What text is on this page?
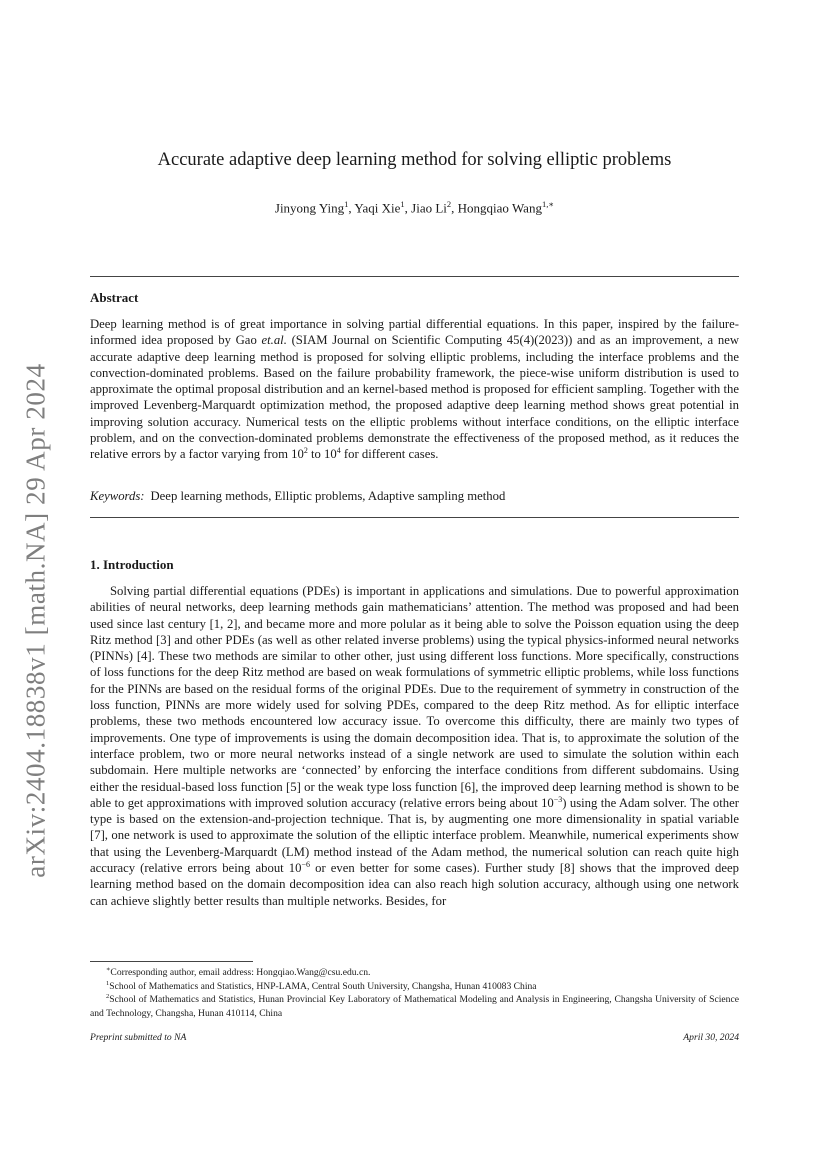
arXiv:2404.18838v1 [math.NA] 29 Apr 2024
Accurate adaptive deep learning method for solving elliptic problems
Jinyong Ying$^1$, Yaqi Xie$^1$, Jiao Li$^2$, Hongqiao Wang$^{1,∗}$
Abstract
Deep learning method is of great importance in solving partial differential equations. In this paper, inspired by the failure-informed idea proposed by Gao et.al. (SIAM Journal on Scientific Computing 45(4)(2023)) and as an improvement, a new accurate adaptive deep learning method is proposed for solving elliptic problems, including the interface problems and the convection-dominated problems. Based on the failure probability framework, the piece-wise uniform distribution is used to approximate the optimal proposal distribution and an kernel-based method is proposed for efficient sampling. Together with the improved Levenberg-Marquardt optimization method, the proposed adaptive deep learning method shows great potential in improving solution accuracy. Numerical tests on the elliptic problems without interface conditions, on the elliptic interface problem, and on the convection-dominated problems demonstrate the effectiveness of the proposed method, as it reduces the relative errors by a factor varying from $10^2$ to $10^4$ for different cases.
Keywords: Deep learning methods, Elliptic problems, Adaptive sampling method
1. Introduction
Solving partial differential equations (PDEs) is important in applications and simulations. Due to powerful approximation abilities of neural networks, deep learning methods gain mathematicians’ attention. The method was proposed and had been used since last century [1, 2], and became more and more polular as it being able to solve the Poisson equation using the deep Ritz method [3] and other PDEs (as well as other related inverse problems) using the typical physics-informed neural networks (PINNs) [4]. These two methods are similar to other other, just using different loss functions. More specifically, constructions of loss functions for the deep Ritz method are based on weak formulations of symmetric elliptic problems, while loss functions for the PINNs are based on the residual forms of the original PDEs. Due to the requirement of symmetry in construction of the loss function, PINNs are more widely used for solving PDEs, compared to the deep Ritz method. As for elliptic interface problems, these two methods encountered low accuracy issue. To overcome this difficulty, there are mainly two types of improvements. One type of improvements is using the domain decomposition idea. That is, to approximate the solution of the interface problem, two or more neural networks instead of a single network are used to simulate the solution within each subdomain. Here multiple networks are ‘connected’ by enforcing the interface conditions from different subdomains. Using either the residual-based loss function [5] or the weak type loss function [6], the improved deep learning method is shown to be able to get approximations with improved solution accuracy (relative errors being about $10^{-3}$) using the Adam solver. The other type is based on the extension-and-projection technique. That is, by augmenting one more dimensionality in spatial variable [7], one network is used to approximate the solution of the elliptic interface problem. Meanwhile, numerical experiments show that using the Levenberg-Marquardt (LM) method instead of the Adam method, the numerical solution can reach quite high accuracy (relative errors being about $10^{-6}$ or even better for some cases). Further study [8] shows that the improved deep learning method based on the domain decomposition idea can also reach high solution accuracy, although using one network can achieve slightly better results than multiple networks. Besides, for

∗Corresponding author, email address: Hongqiao.Wang@csu.edu.cn.

$^1$School of Mathematics and Statistics, HNP-LAMA, Central South University, Changsha, Hunan 410083 China

$^2$School of Mathematics and Statistics, Hunan Provincial Key Laboratory of Mathematical Modeling and Analysis in Engineering, Changsha University of Science and Technology, Changsha, Hunan 410114, China

Preprint submitted to NA	April 30, 2024
